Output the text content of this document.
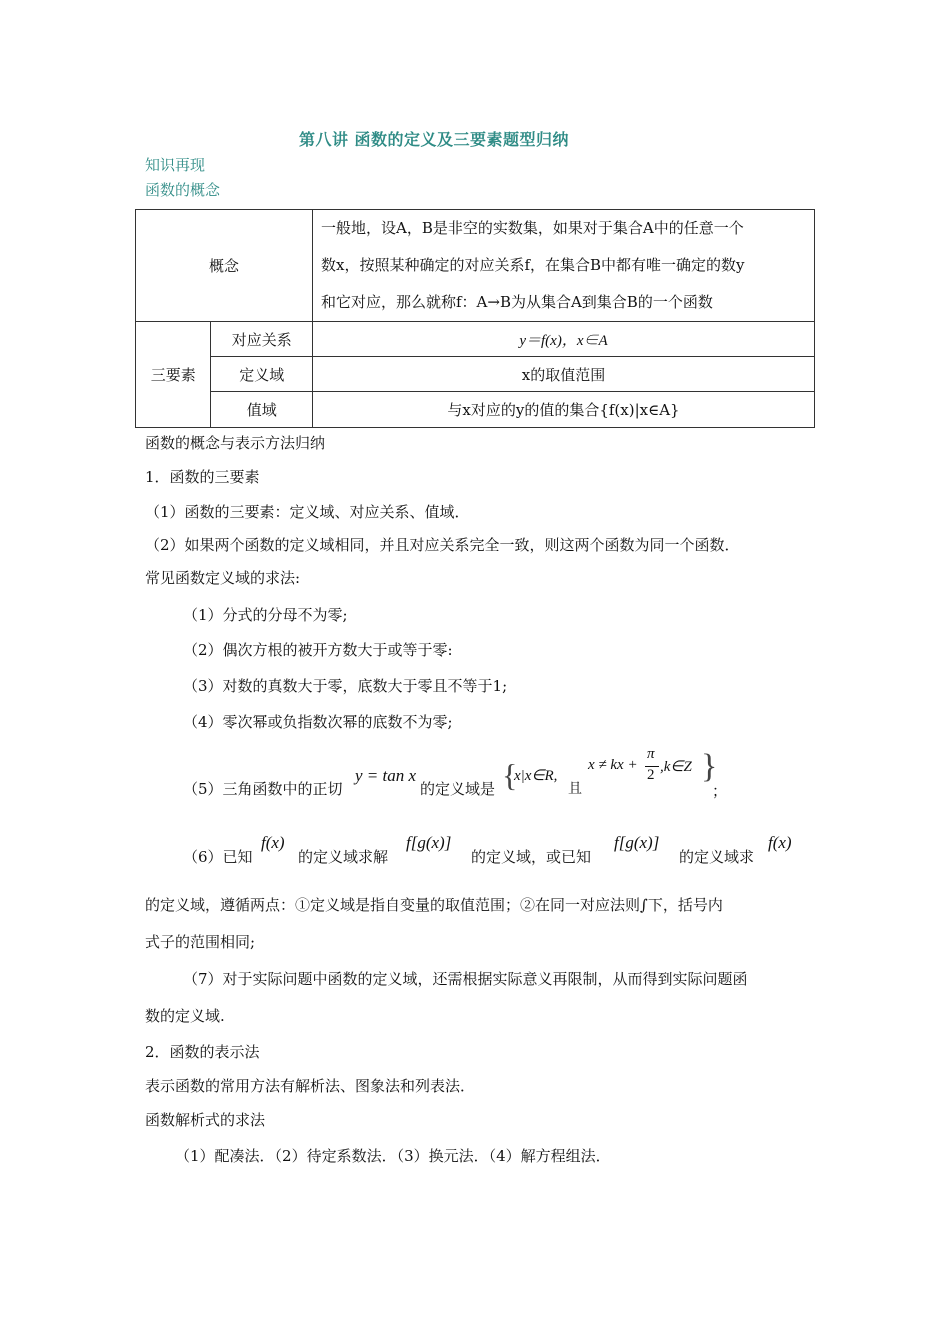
第八讲 函数的定义及三要素题型归纳
知识再现
函数的概念
概念		一般地，设A，B是非空的实数集，如果对于集合A中的任意一个
数x，按照某种确定的对应关系f，在集合B中都有唯一确定的数y
和它对应，那么就称f：A→B为从集合A到集合B的一个函数

三要素	对应关系	y＝f(x)，x∈A
	定义域	x的取值范围
	值域	与x对应的y的值的集合{f(x)|x∈A}
函数的概念与表示方法归纳
1．函数的三要素
（1）函数的三要素：定义域、对应关系、值域．
（2）如果两个函数的定义域相同，并且对应关系完全一致，则这两个函数为同一个函数．
常见函数定义域的求法:
（1）分式的分母不为零;
（2）偶次方根的被开方数大于或等于零:
（3）对数的真数大于零，底数大于零且不等于1;
（4）零次幂或负指数次幂的底数不为零;
（5）三角函数中的正切
y = tan x
的定义域是 {
x|x∈R,
且
x ≠ kx +
π
2 ,k∈Z }
；
（6）已知
f(x)
的定义域求解
f[g(x)]
的定义域，或已知
f[g(x)]
的定义域求
f(x)
的定义域，遵循两点：①定义域是指自变量的取值范围；②在同一对应法则∫下，括号内
式子的范围相同;
（7）对于实际问题中函数的定义域，还需根据实际意义再限制，从而得到实际问题函
数的定义域.
2．函数的表示法
表示函数的常用方法有解析法、图象法和列表法．
函数解析式的求法
（1）配凑法．（2）待定系数法．（3）换元法．（4）解方程组法．
